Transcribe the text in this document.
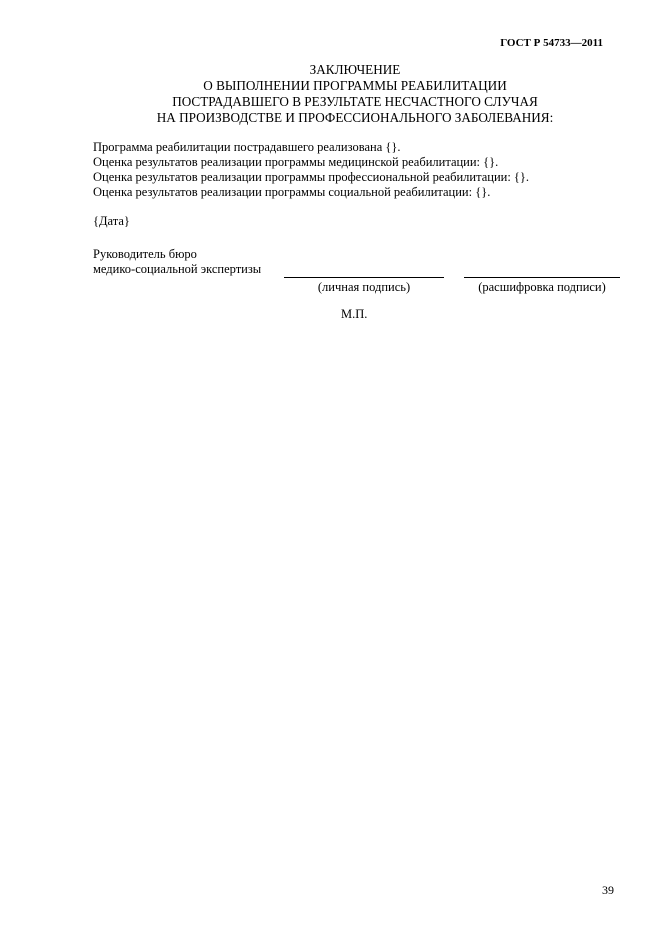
ГОСТ Р 54733—2011
ЗАКЛЮЧЕНИЕ
О ВЫПОЛНЕНИИ ПРОГРАММЫ РЕАБИЛИТАЦИИ
ПОСТРАДАВШЕГО В РЕЗУЛЬТАТЕ НЕСЧАСТНОГО СЛУЧАЯ
НА ПРОИЗВОДСТВЕ И ПРОФЕССИОНАЛЬНОГО ЗАБОЛЕВАНИЯ:
Программа реабилитации пострадавшего реализована {}.
Оценка результатов реализации программы медицинской реабилитации: {}.
Оценка результатов реализации программы профессиональной реабилитации: {}.
Оценка результатов реализации программы социальной реабилитации: {}.
{Дата}
Руководитель бюро
медико-социальной экспертизы
(личная подпись)	(расшифровка подписи)
М.П.
39
